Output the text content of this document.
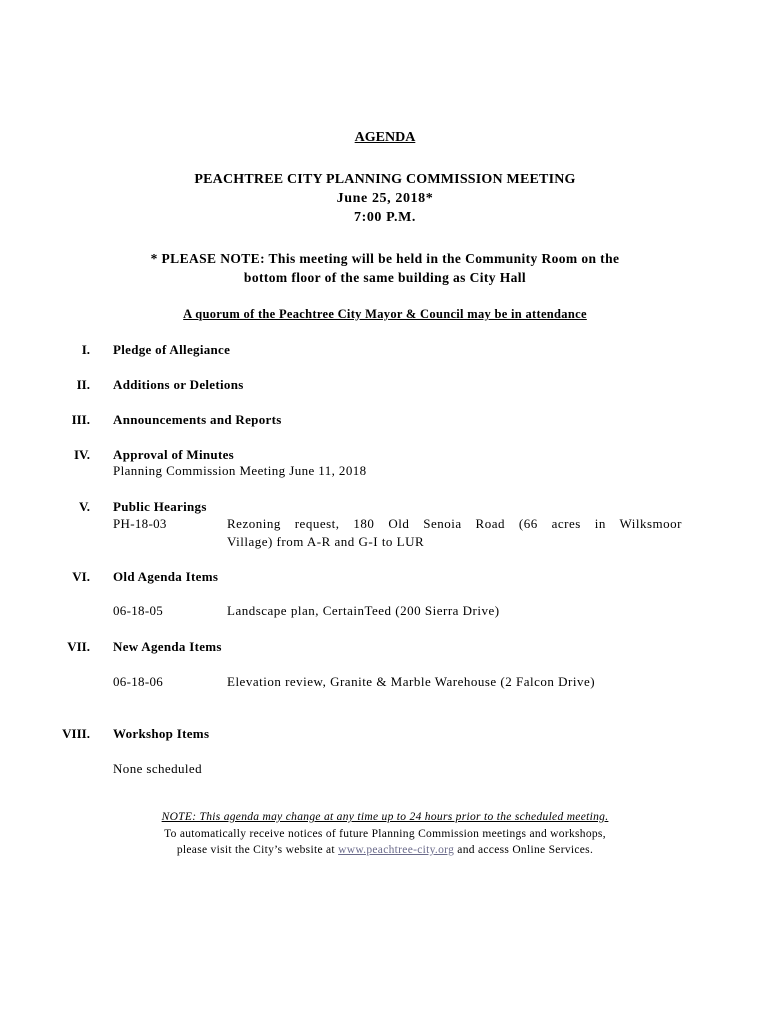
AGENDA
PEACHTREE CITY PLANNING COMMISSION MEETING
June 25, 2018*
7:00 P.M.
* PLEASE NOTE: This meeting will be held in the Community Room on the
bottom floor of the same building as City Hall
A quorum of the Peachtree City Mayor & Council may be in attendance
I. Pledge of Allegiance
II. Additions or Deletions
III. Announcements and Reports
IV. Approval of Minutes
Planning Commission Meeting June 11, 2018
V. Public Hearings
PH-18-03	Rezoning request, 180 Old Senoia Road (66 acres in Wilksmoor
Village) from A-R and G-I to LUR
VI. Old Agenda Items
06-18-05	Landscape plan, CertainTeed (200 Sierra Drive)
VII. New Agenda Items
06-18-06	Elevation review, Granite & Marble Warehouse (2 Falcon Drive)
VIII. Workshop Items
None scheduled
NOTE: This agenda may change at any time up to 24 hours prior to the scheduled meeting.
To automatically receive notices of future Planning Commission meetings and workshops,
please visit the City’s website at www.peachtree-city.org and access Online Services.
